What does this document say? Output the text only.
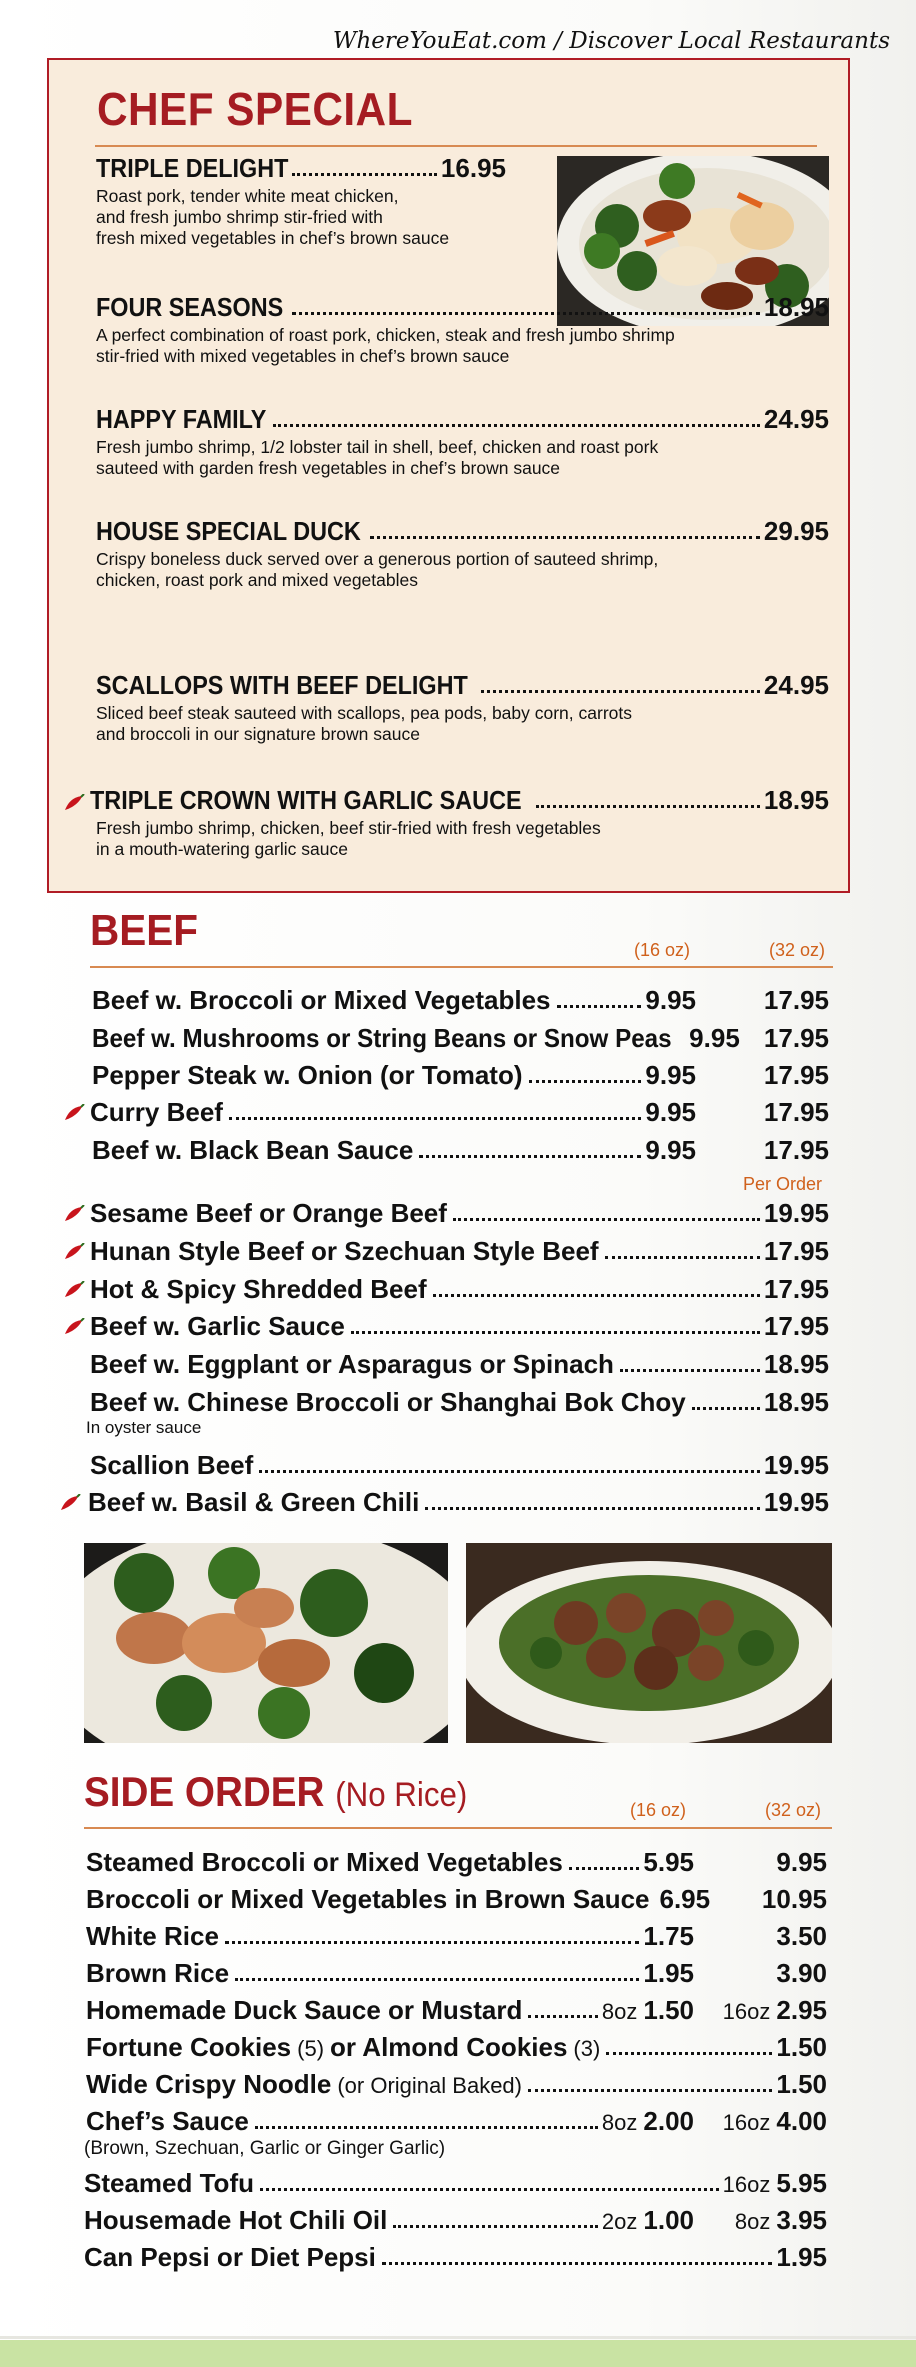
WhereYouEat.com / Discover Local Restaurants
CHEF SPECIAL
TRIPLE DELIGHT	16.95
Roast pork, tender white meat chicken,
and fresh jumbo shrimp stir-fried with
fresh mixed vegetables in chef’s brown sauce
FOUR SEASONS	18.95
A perfect combination of roast pork, chicken, steak and fresh jumbo shrimp
stir-fried with mixed vegetables in chef’s brown sauce
HAPPY FAMILY	24.95
Fresh jumbo shrimp, 1/2 lobster tail in shell, beef, chicken and roast pork
sauteed with garden fresh vegetables in chef’s brown sauce
HOUSE SPECIAL DUCK	29.95
Crispy boneless duck served over a generous portion of sauteed shrimp,
chicken, roast pork and mixed vegetables
SCALLOPS WITH BEEF DELIGHT	24.95
Sliced beef steak sauteed with scallops, pea pods, baby corn, carrots
and broccoli in our signature brown sauce
TRIPLE CROWN WITH GARLIC SAUCE	18.95
Fresh jumbo shrimp, chicken, beef stir-fried with fresh vegetables
in a mouth-watering garlic sauce
BEEF	(16 oz)	(32 oz)
Beef w. Broccoli or Mixed Vegetables	9.95	17.95
Beef w. Mushrooms or String Beans or Snow Peas 9.95 17.95
Pepper Steak w. Onion (or Tomato)	9.95	17.95
Curry Beef	9.95	17.95
Beef w. Black Bean Sauce	9.95	17.95
Per Order
Sesame Beef or Orange Beef	19.95
Hunan Style Beef or Szechuan Style Beef	17.95
Hot & Spicy Shredded Beef	17.95
Beef w. Garlic Sauce	17.95
Beef w. Eggplant or Asparagus or Spinach	18.95
Beef w. Chinese Broccoli or Shanghai Bok Choy	18.95
In oyster sauce
Scallion Beef	19.95
Beef w. Basil & Green Chili	19.95
SIDE ORDER (No Rice)	(16 oz)	(32 oz)
Steamed Broccoli or Mixed Vegetables	5.95	9.95
Broccoli or Mixed Vegetables in Brown Sauce 6.95 10.95
White Rice	1.75	3.50
Brown Rice	1.95	3.90
Homemade Duck Sauce or Mustard	8oz 1.50 16oz 2.95
Fortune Cookies (5) or Almond Cookies (3)	1.50
Wide Crispy Noodle (or Original Baked)	1.50
Chef’s Sauce	8oz 2.00 16oz 4.00
(Brown, Szechuan, Garlic or Ginger Garlic)
Steamed Tofu	16oz 5.95
Housemade Hot Chili Oil	2oz 1.00 8oz 3.95
Can Pepsi or Diet Pepsi	1.95
